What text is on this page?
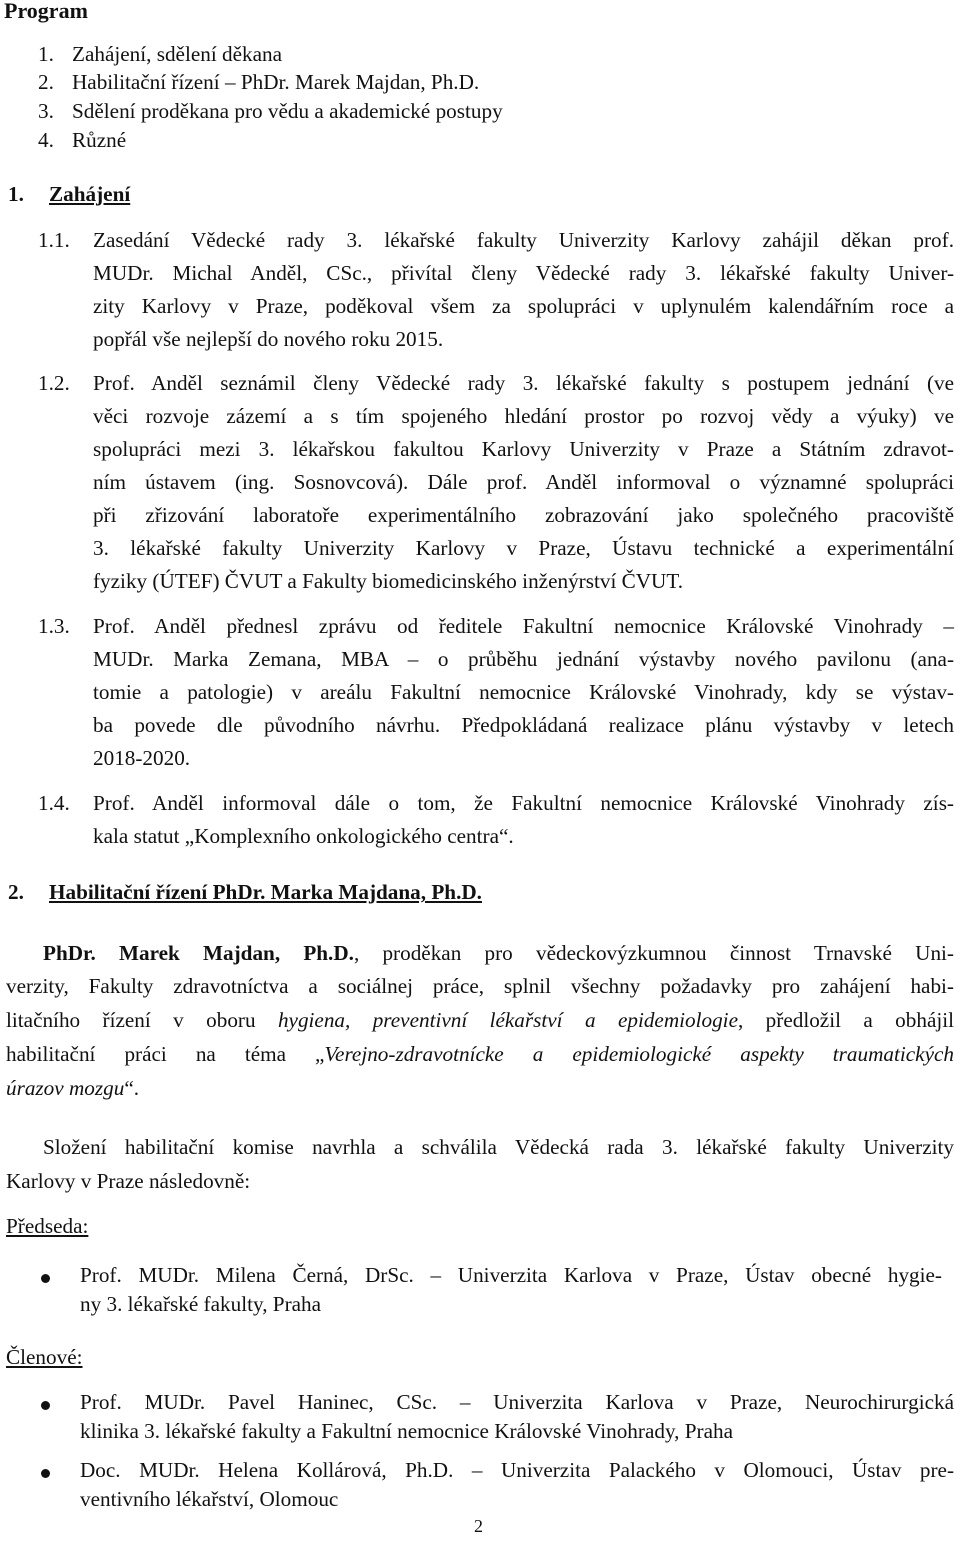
Program
1. Zahájení, sdělení děkana
2. Habilitační řízení – PhDr. Marek Majdan, Ph.D.
3. Sdělení proděkana pro vědu a akademické postupy
4. Různé
1. Zahájení
1.1. Zasedání Vědecké rady 3. lékařské fakulty Univerzity Karlovy zahájil děkan prof.
MUDr. Michal Anděl, CSc., přivítal členy Vědecké rady 3. lékařské fakulty Univer-
zity Karlovy v Praze, poděkoval všem za spolupráci v uplynulém kalendářním roce a
popřál vše nejlepší do nového roku 2015.
1.2. Prof. Anděl seznámil členy Vědecké rady 3. lékařské fakulty s postupem jednání (ve
věci rozvoje zázemí a s tím spojeného hledání prostor po rozvoj vědy a výuky) ve
spolupráci mezi 3. lékařskou fakultou Karlovy Univerzity v Praze a Státním zdravot-
ním ústavem (ing. Sosnovcová). Dále prof. Anděl informoval o významné spolupráci
při zřizování laboratoře experimentálního zobrazování jako společného pracoviště
3. lékařské fakulty Univerzity Karlovy v Praze, Ústavu technické a experimentální
fyziky (ÚTEF) ČVUT a Fakulty biomedicinského inženýrství ČVUT.
1.3. Prof. Anděl přednesl zprávu od ředitele Fakultní nemocnice Královské Vinohrady –
MUDr. Marka Zemana, MBA – o průběhu jednání výstavby nového pavilonu (ana-
tomie a patologie) v areálu Fakultní nemocnice Královské Vinohrady, kdy se výstav-
ba povede dle původního návrhu. Předpokládaná realizace plánu výstavby v letech
2018-2020.
1.4. Prof. Anděl informoval dále o tom, že Fakultní nemocnice Královské Vinohrady zís-
kala statut „Komplexního onkologického centra“.
2. Habilitační řízení PhDr. Marka Majdana, Ph.D.
PhDr. Marek Majdan, Ph.D., proděkan pro vědeckovýzkumnou činnost Trnavské Uni-
verzity, Fakulty zdravotníctva a sociálnej práce, splnil všechny požadavky pro zahájení habi-
litačního řízení v oboru hygiena, preventivní lékařství a epidemiologie, předložil a obhájil
habilitační práci na téma „Verejno-zdravotnícke a epidemiologické aspekty traumatických
úrazov mozgu“.
Složení habilitační komise navrhla a schválila Vědecká rada 3. lékařské fakulty Univerzity
Karlovy v Praze následovně:
Předseda:
Prof. MUDr. Milena Černá, DrSc. – Univerzita Karlova v Praze, Ústav obecné hygie-
ny 3. lékařské fakulty, Praha
Členové:
Prof. MUDr. Pavel Haninec, CSc. – Univerzita Karlova v Praze, Neurochirurgická
klinika 3. lékařské fakulty a Fakultní nemocnice Královské Vinohrady, Praha
Doc. MUDr. Helena Kollárová, Ph.D. – Univerzita Palackého v Olomouci, Ústav pre-
ventivního lékařství, Olomouc
2
